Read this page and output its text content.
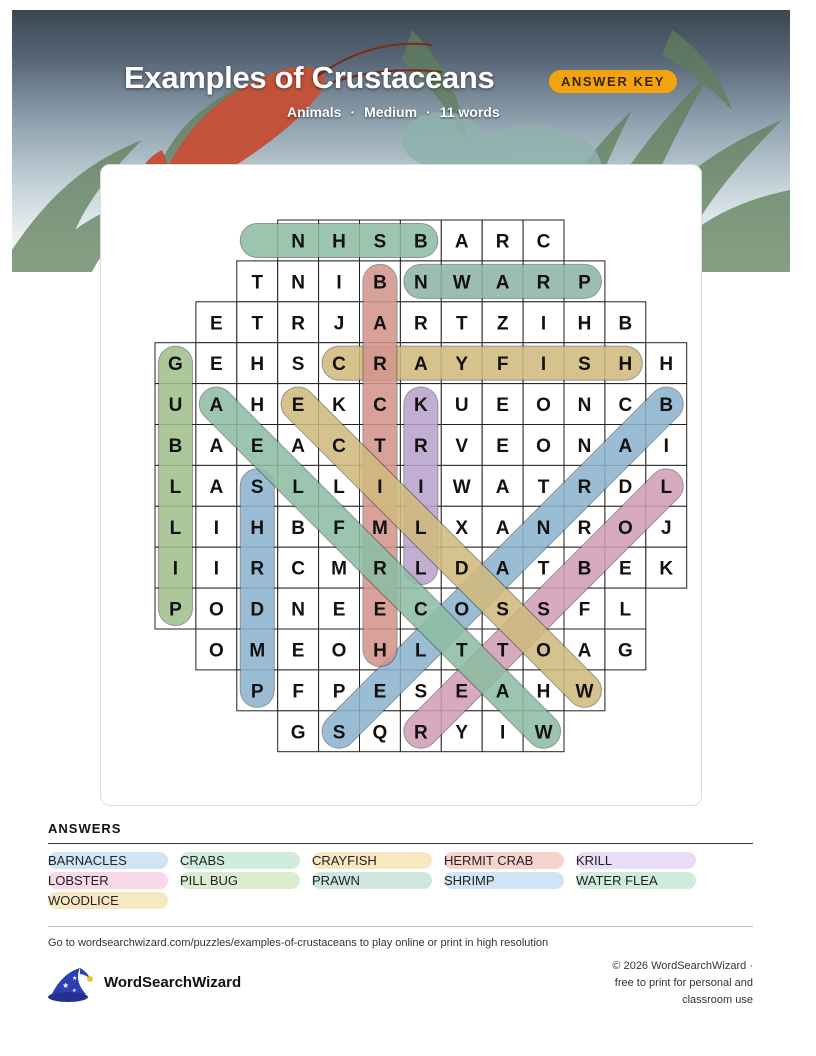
Examples of Crustaceans	ANSWER KEY
Animals · Medium · 11 words
N H S B A R C
T N I B N W A R P
E T R J A R T Z I H B
G E H S C R A Y F I S H H
U A H E K C K U E O N C B
B A E A C T R V E O N A I
L A S L L I I W A T R D L
L I H B F M L X A N R O J
I I R C M R L D A T B E K
P O D N E E C O S S F L
O M E O H L T T O A G
P F P E S E A H W
G S Q R Y I W
ANSWERS
BARNACLES	CRABS	CRAYFISH	HERMIT CRAB	KRILL
LOBSTER	PILL BUG	PRAWN	SHRIMP	WATER FLEA
WOODLICE
Go to wordsearchwizard.com/puzzles/examples-of-crustaceans to play online or print in high resolution
★
★
★ WordSearchWizard
© 2026 WordSearchWizard ·
free to print for personal and
classroom use
